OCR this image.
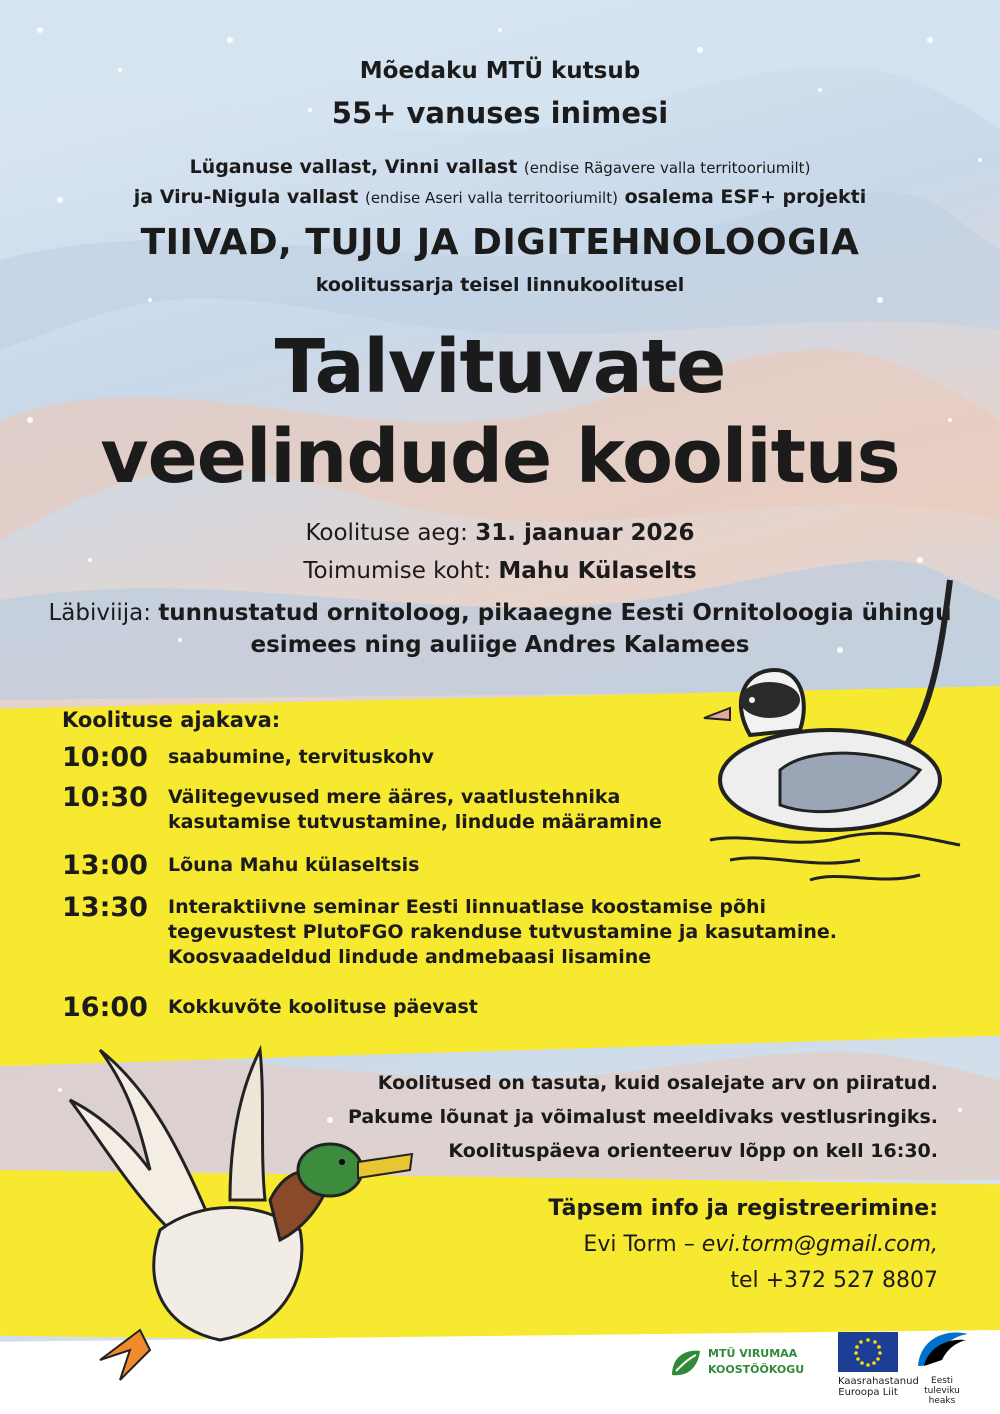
Mõedaku MTÜ kutsub
55+ vanuses inimesi
Lüganuse vallast, Vinni vallast (endise Rägavere valla territooriumilt)
ja Viru-Nigula vallast (endise Aseri valla territooriumilt) osalema ESF+ projekti
TIIVAD, TUJU JA DIGITEHNOLOOGIA
koolitussarja teisel linnukoolitusel
Talvituvate
veelindude koolitus
Koolituse aeg: 31. jaanuar 2026
Toimumise koht: Mahu Külaselts
Läbiviija: tunnustatud ornitoloog, pikaaegne Eesti Ornitoloogia ühingu
esimees ning auliige Andres Kalamees
Koolituse ajakava:
10:00 saabumine, tervituskohv
10:30 Välitegevused mere ääres, vaatlustehnika
kasutamise tutvustamine, lindude määramine
13:00 Lõuna Mahu külaseltsis
13:30 Interaktiivne seminar Eesti linnuatlase koostamise põhi
tegevustest PlutoFGO rakenduse tutvustamine ja kasutamine.
Koosvaadeldud lindude andmebaasi lisamine
16:00 Kokkuvõte koolituse päevast
Koolitused on tasuta, kuid osalejate arv on piiratud.
Pakume lõunat ja võimalust meeldivaks vestlusringiks.
Koolituspäeva orienteeruv lõpp on kell 16:30.
Täpsem info ja registreerimine:
Evi Torm – evi.torm@gmail.com,
tel +372 527 8807
MTÜ VIRUMAA
KOOSTÖÖKOGU
Kaasrahastanud
Euroopa Liit
Eesti
tuleviku heaks
